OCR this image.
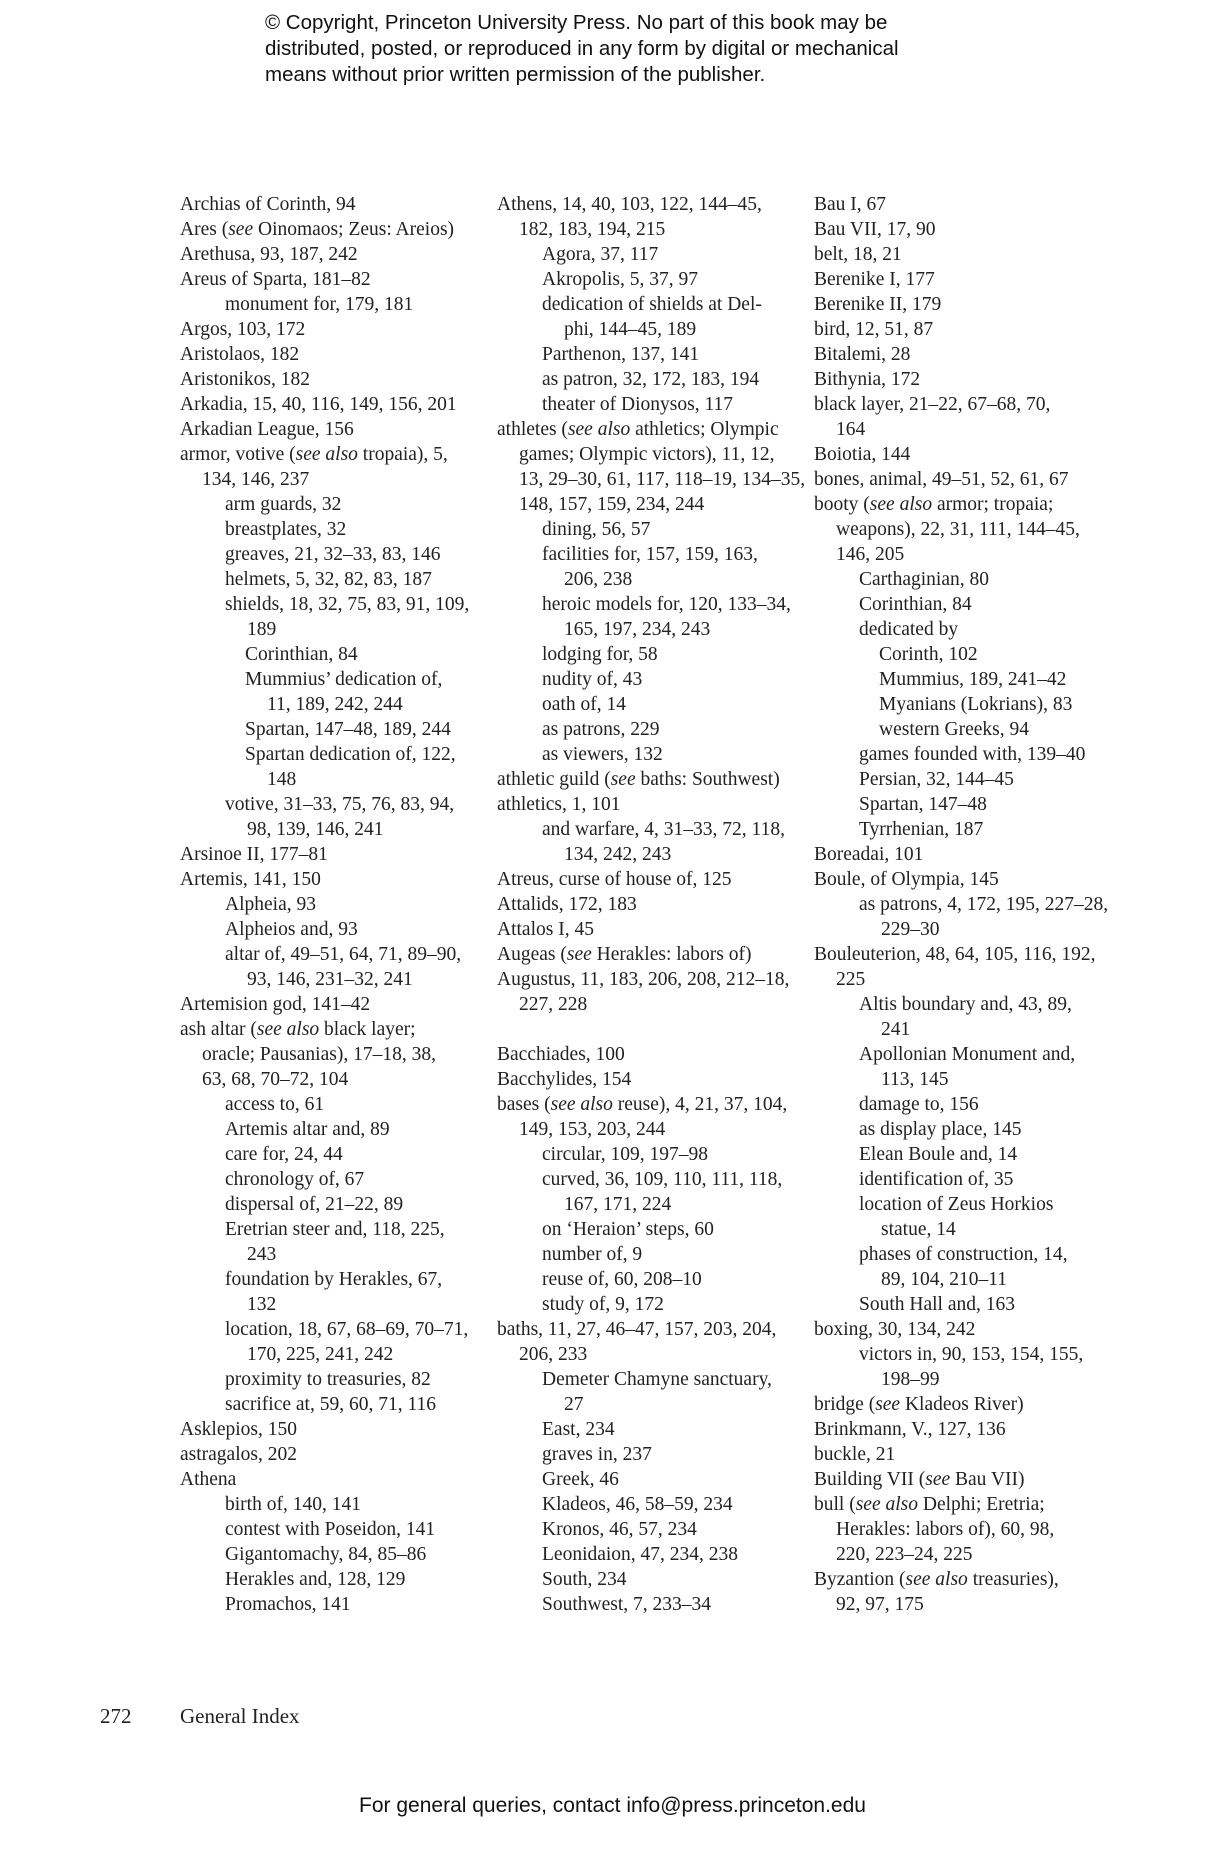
© Copyright, Princeton University Press. No part of this book may be
distributed, posted, or reproduced in any form by digital or mechanical
means without prior written permission of the publisher.
Archias of Corinth, 94
Ares (see Oinomaos; Zeus: Areios)
Arethusa, 93, 187, 242
Areus of Sparta, 181–82
monument for, 179, 181
Argos, 103, 172
Aristolaos, 182
Aristonikos, 182
Arkadia, 15, 40, 116, 149, 156, 201
Arkadian League, 156
armor, votive (see also tropaia), 5,
134, 146, 237
arm guards, 32
breastplates, 32
greaves, 21, 32–33, 83, 146
helmets, 5, 32, 82, 83, 187
shields, 18, 32, 75, 83, 91, 109,
189
Corinthian, 84
Mummius’ dedication of,
11, 189, 242, 244
Spartan, 147–48, 189, 244
Spartan dedication of, 122,
148
votive, 31–33, 75, 76, 83, 94,
98, 139, 146, 241
Arsinoe II, 177–81
Artemis, 141, 150
Alpheia, 93
Alpheios and, 93
altar of, 49–51, 64, 71, 89–90,
93, 146, 231–32, 241
Artemision god, 141–42
ash altar (see also black layer;
oracle; Pausanias), 17–18, 38,
63, 68, 70–72, 104
access to, 61
Artemis altar and, 89
care for, 24, 44
chronology of, 67
dispersal of, 21–22, 89
Eretrian steer and, 118, 225,
243
foundation by Herakles, 67,
132
location, 18, 67, 68–69, 70–71,
170, 225, 241, 242
proximity to treasuries, 82
sacrifice at, 59, 60, 71, 116
Asklepios, 150
astragalos, 202
Athena
birth of, 140, 141
contest with Poseidon, 141
Gigantomachy, 84, 85–86
Herakles and, 128, 129
Promachos, 141
Athens, 14, 40, 103, 122, 144–45,
182, 183, 194, 215
Agora, 37, 117
Akropolis, 5, 37, 97
dedication of shields at Del-
phi, 144–45, 189
Parthenon, 137, 141
as patron, 32, 172, 183, 194
theater of Dionysos, 117
athletes (see also athletics; Olympic
games; Olympic victors), 11, 12,
13, 29–30, 61, 117, 118–19, 134–35,
148, 157, 159, 234, 244
dining, 56, 57
facilities for, 157, 159, 163,
206, 238
heroic models for, 120, 133–34,
165, 197, 234, 243
lodging for, 58
nudity of, 43
oath of, 14
as patrons, 229
as viewers, 132
athletic guild (see baths: Southwest)
athletics, 1, 101
and warfare, 4, 31–33, 72, 118,
134, 242, 243
Atreus, curse of house of, 125
Attalids, 172, 183
Attalos I, 45
Augeas (see Herakles: labors of)
Augustus, 11, 183, 206, 208, 212–18,
227, 228
Bacchiades, 100
Bacchylides, 154
bases (see also reuse), 4, 21, 37, 104,
149, 153, 203, 244
circular, 109, 197–98
curved, 36, 109, 110, 111, 118,
167, 171, 224
on ‘Heraion’ steps, 60
number of, 9
reuse of, 60, 208–10
study of, 9, 172
baths, 11, 27, 46–47, 157, 203, 204,
206, 233
Demeter Chamyne sanctuary,
27
East, 234
graves in, 237
Greek, 46
Kladeos, 46, 58–59, 234
Kronos, 46, 57, 234
Leonidaion, 47, 234, 238
South, 234
Southwest, 7, 233–34
Bau I, 67
Bau VII, 17, 90
belt, 18, 21
Berenike I, 177
Berenike II, 179
bird, 12, 51, 87
Bitalemi, 28
Bithynia, 172
black layer, 21–22, 67–68, 70,
164
Boiotia, 144
bones, animal, 49–51, 52, 61, 67
booty (see also armor; tropaia;
weapons), 22, 31, 111, 144–45,
146, 205
Carthaginian, 80
Corinthian, 84
dedicated by
Corinth, 102
Mummius, 189, 241–42
Myanians (Lokrians), 83
western Greeks, 94
games founded with, 139–40
Persian, 32, 144–45
Spartan, 147–48
Tyrrhenian, 187
Boreadai, 101
Boule, of Olympia, 145
as patrons, 4, 172, 195, 227–28,
229–30
Bouleuterion, 48, 64, 105, 116, 192,
225
Altis boundary and, 43, 89,
241
Apollonian Monument and,
113, 145
damage to, 156
as display place, 145
Elean Boule and, 14
identification of, 35
location of Zeus Horkios
statue, 14
phases of construction, 14,
89, 104, 210–11
South Hall and, 163
boxing, 30, 134, 242
victors in, 90, 153, 154, 155,
198–99
bridge (see Kladeos River)
Brinkmann, V., 127, 136
buckle, 21
Building VII (see Bau VII)
bull (see also Delphi; Eretria;
Herakles: labors of), 60, 98,
220, 223–24, 225
Byzantion (see also treasuries),
92, 97, 175
272 General Index
For general queries, contact info@press.princeton.edu
